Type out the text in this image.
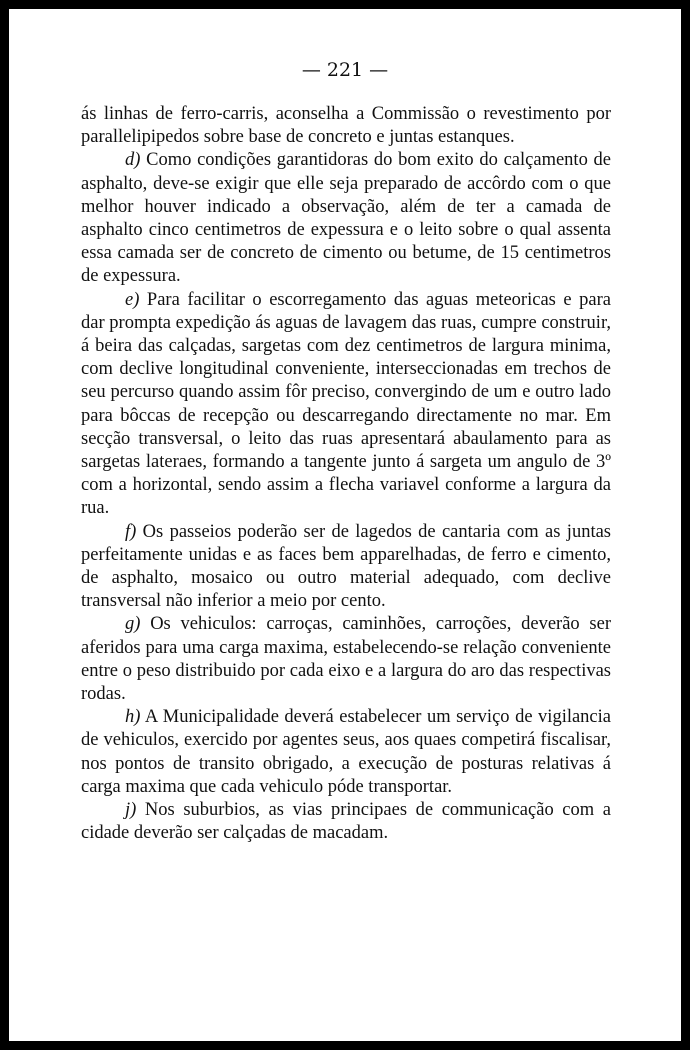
— 221 —

ás linhas de ferro-carris, aconselha a Commissão o revestimento por parallelipipedos sobre base de concreto e juntas estanques.

d) Como condições garantidoras do bom exito do calçamento de asphalto, deve-se exigir que elle seja preparado de accôrdo com o que melhor houver indicado a observação, além de ter a camada de asphalto cinco centimetros de expessura e o leito sobre o qual assenta essa camada ser de concreto de cimento ou betume, de 15 centimetros de expessura.

e) Para facilitar o escorregamento das aguas meteoricas e para dar prompta expedição ás aguas de lavagem das ruas, cumpre construir, á beira das calçadas, sargetas com dez centimetros de largura minima, com declive longitudinal conveniente, interseccionadas em trechos de seu percurso quando assim fôr preciso, convergindo de um e outro lado para bôccas de recepção ou descarregando directamente no mar. Em secção transversal, o leito das ruas apresentará abaulamento para as sargetas lateraes, formando a tangente junto á sargeta um angulo de 3º com a horizontal, sendo assim a flecha variavel conforme a largura da rua.

f) Os passeios poderão ser de lagedos de cantaria com as juntas perfeitamente unidas e as faces bem apparelhadas, de ferro e cimento, de asphalto, mosaico ou outro material adequado, com declive transversal não inferior a meio por cento.

g) Os vehiculos: carroças, caminhões, carroções, deverão ser aferidos para uma carga maxima, estabelecendo-se relação conveniente entre o peso distribuido por cada eixo e a largura do aro das respectivas rodas.

h) A Municipalidade deverá estabelecer um serviço de vigilancia de vehiculos, exercido por agentes seus, aos quaes competirá fiscalisar, nos pontos de transito obrigado, a execução de posturas relativas á carga maxima que cada vehiculo póde transportar.

j) Nos suburbios, as vias principaes de communicação com a cidade deverão ser calçadas de macadam.
